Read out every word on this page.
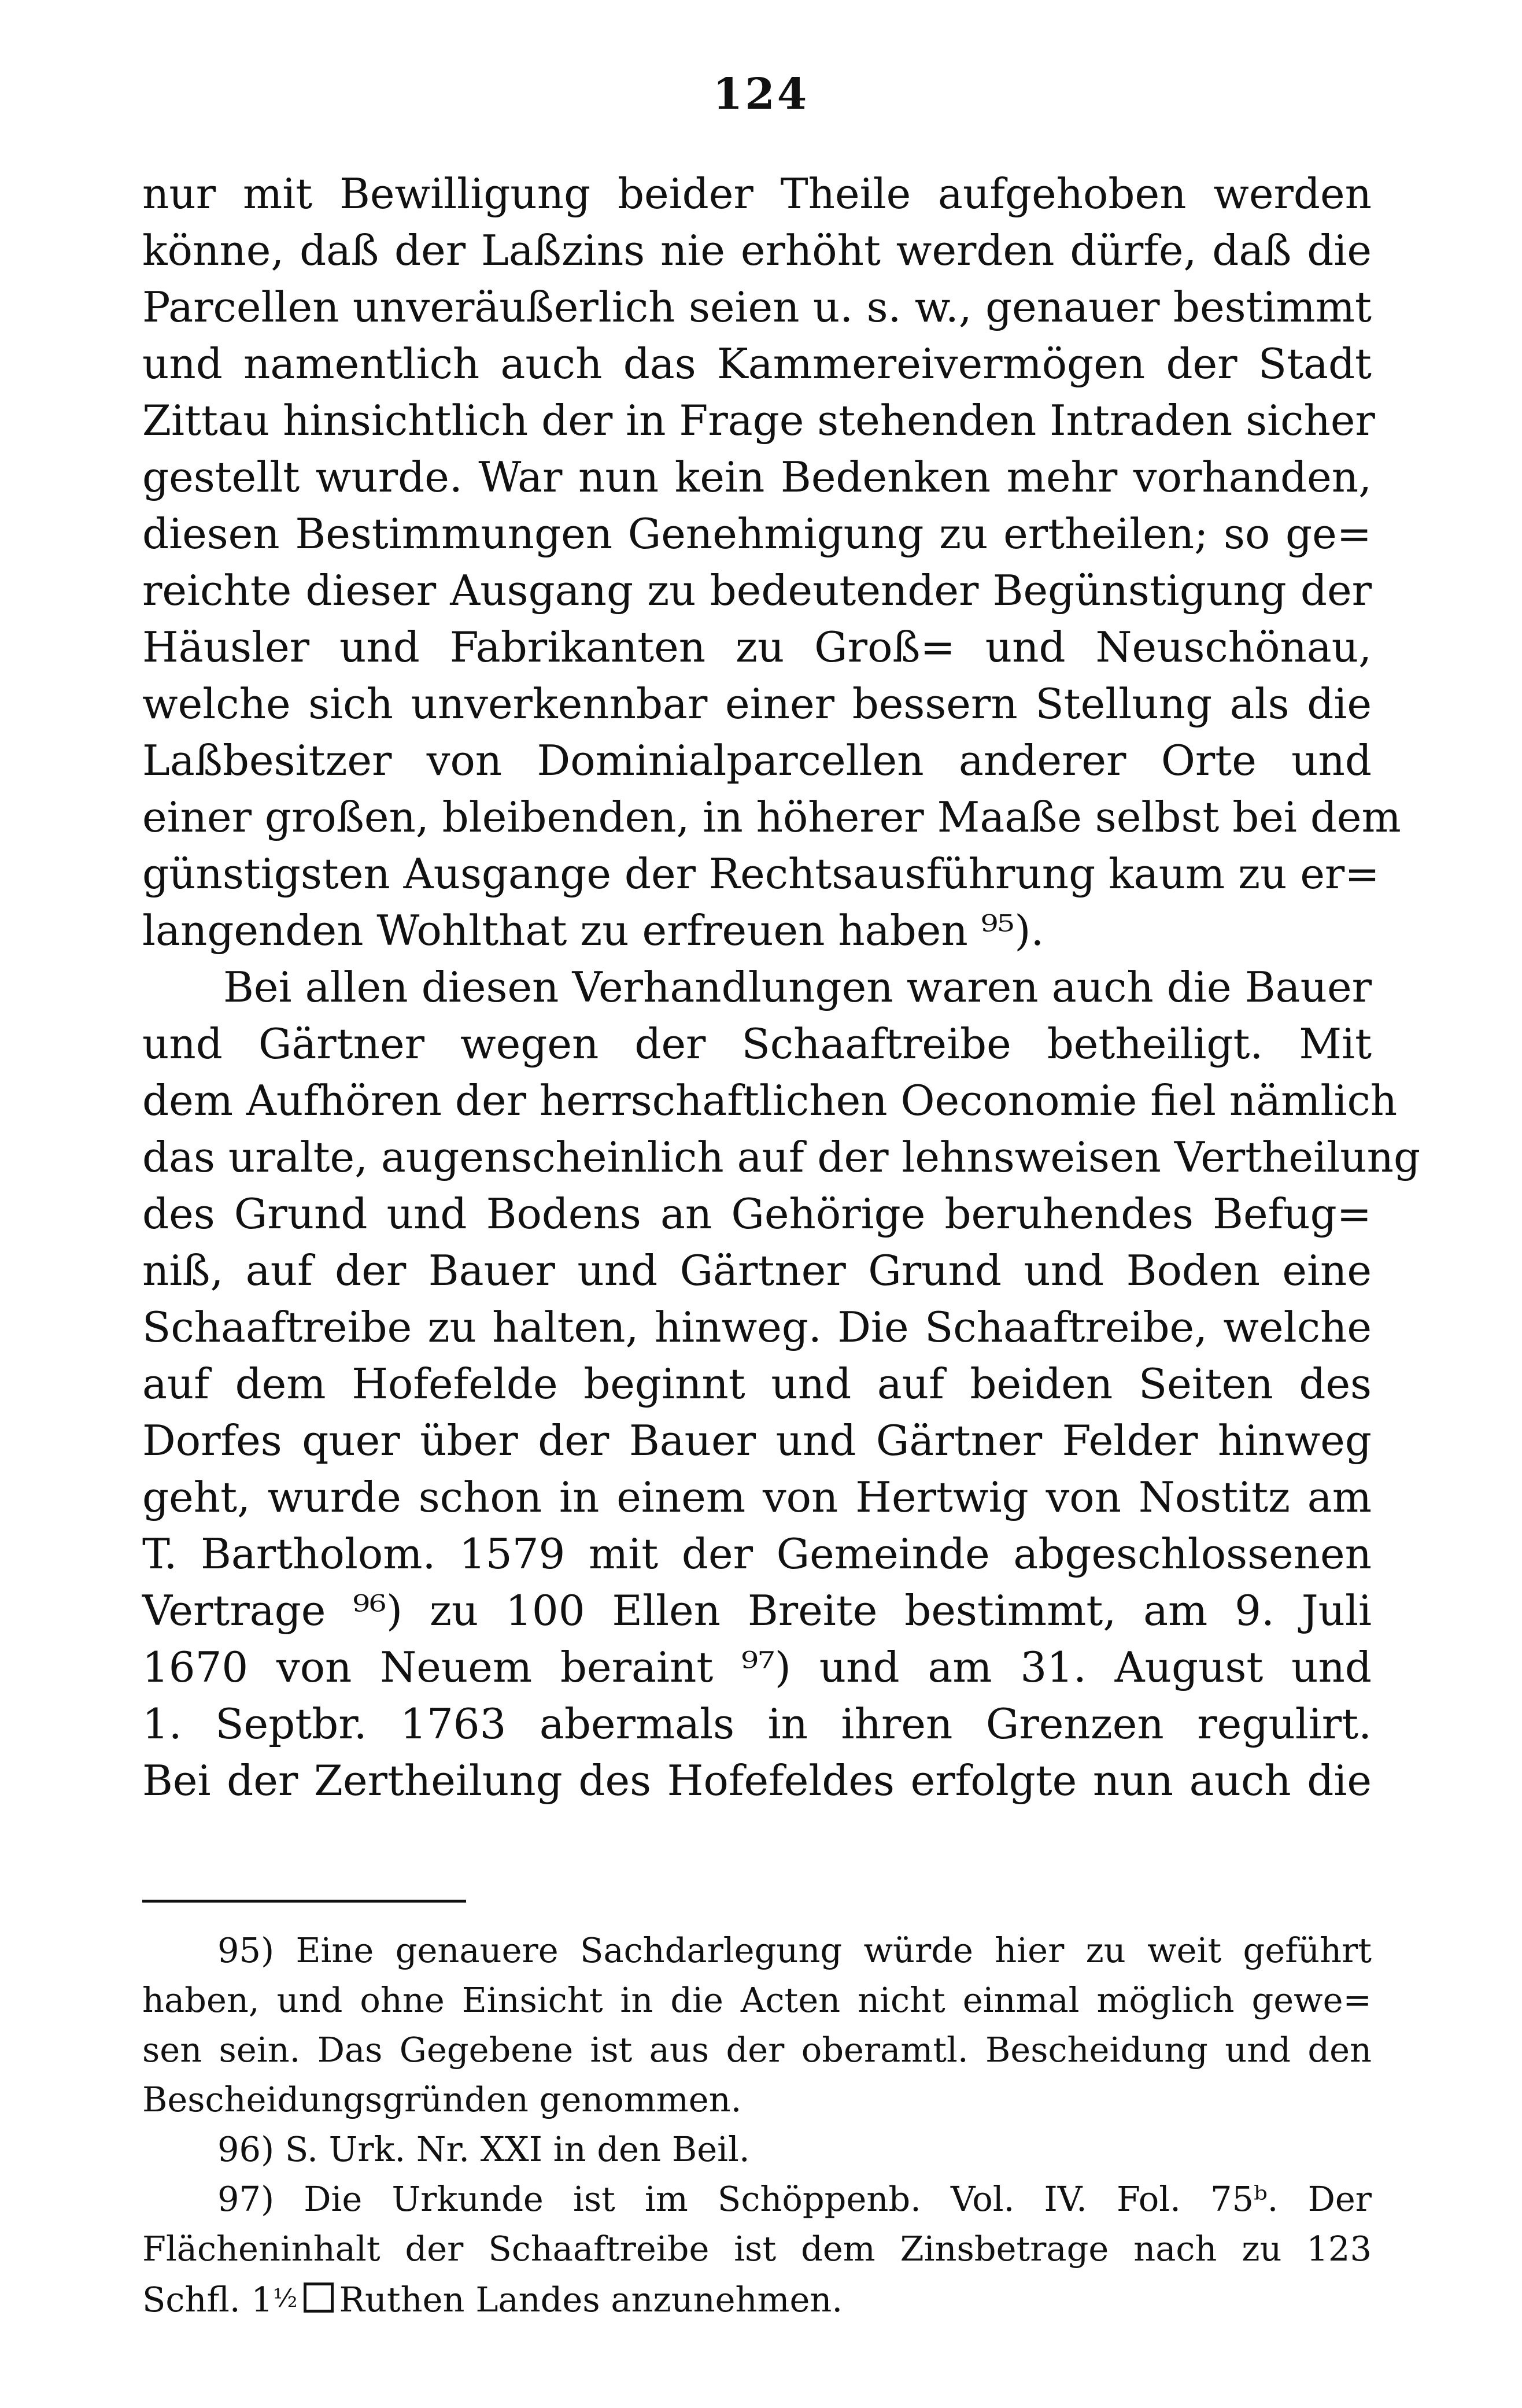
124
nur mit Bewilligung beider Theile aufgehoben werden
könne, daß der Laßzins nie erhöht werden dürfe, daß die
Parcellen unveräußerlich seien u. s. w., genauer bestimmt
und namentlich auch das Kammereivermögen der Stadt
Zittau hinsichtlich der in Frage stehenden Intraden sicher
gestellt wurde. War nun kein Bedenken mehr vorhanden,
diesen Bestimmungen Genehmigung zu ertheilen; so ge=
reichte dieser Ausgang zu bedeutender Begünstigung der
Häusler und Fabrikanten zu Groß= und Neuschönau,
welche sich unverkennbar einer bessern Stellung als die
Laßbesitzer von Dominialparcellen anderer Orte und
einer großen, bleibenden, in höherer Maaße selbst bei dem
günstigsten Ausgange der Rechtsausführung kaum zu er=
langenden Wohlthat zu erfreuen haben ⁹⁵).
Bei allen diesen Verhandlungen waren auch die Bauer
und Gärtner wegen der Schaaftreibe betheiligt. Mit
dem Aufhören der herrschaftlichen Oeconomie fiel nämlich
das uralte, augenscheinlich auf der lehnsweisen Vertheilung
des Grund und Bodens an Gehörige beruhendes Befug=
niß, auf der Bauer und Gärtner Grund und Boden eine
Schaaftreibe zu halten, hinweg. Die Schaaftreibe, welche
auf dem Hofefelde beginnt und auf beiden Seiten des
Dorfes quer über der Bauer und Gärtner Felder hinweg
geht, wurde schon in einem von Hertwig von Nostitz am
T. Bartholom. 1579 mit der Gemeinde abgeschlossenen
Vertrage ⁹⁶) zu 100 Ellen Breite bestimmt, am 9. Juli
1670 von Neuem beraint ⁹⁷) und am 31. August und
1. Septbr. 1763 abermals in ihren Grenzen regulirt.
Bei der Zertheilung des Hofefeldes erfolgte nun auch die
95) Eine genauere Sachdarlegung würde hier zu weit geführt
haben, und ohne Einsicht in die Acten nicht einmal möglich gewe=
sen sein. Das Gegebene ist aus der oberamtl. Bescheidung und den
Bescheidungsgründen genommen.
96) S. Urk. Nr. XXI in den Beil.
97) Die Urkunde ist im Schöppenb. Vol. IV. Fol. 75ᵇ. Der
Flächeninhalt der Schaaftreibe ist dem Zinsbetrage nach zu 123
Schfl. 1½ Ruthen Landes anzunehmen.
